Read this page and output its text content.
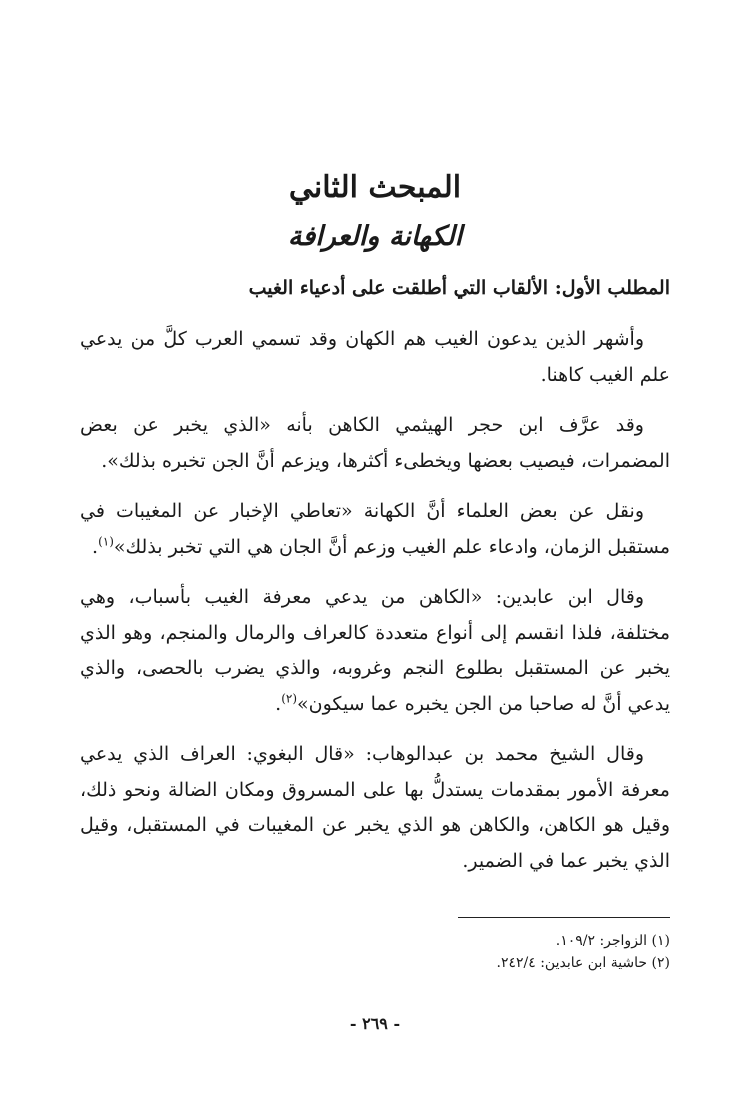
المبحث الثاني
الكهانة والعرافة
المطلب الأول: الألقاب التي أطلقت على أدعياء الغيب

وأشهر الذين يدعون الغيب هم الكهان وقد تسمي العرب كلَّ من يدعي علم الغيب كاهنا.

وقد عرَّف ابن حجر الهيثمي الكاهن بأنه «الذي يخبر عن بعض المضمرات، فيصيب بعضها ويخطىء أكثرها، ويزعم أنَّ الجن تخبره بذلك».

ونقل عن بعض العلماء أنَّ الكهانة «تعاطي الإخبار عن المغيبات في مستقبل الزمان، وادعاء علم الغيب وزعم أنَّ الجان هي التي تخبر بذلك»$^{(١)}$.

وقال ابن عابدين: «الكاهن من يدعي معرفة الغيب بأسباب، وهي مختلفة، فلذا انقسم إلى أنواع متعددة كالعراف والرمال والمنجم، وهو الذي يخبر عن المستقبل بطلوع النجم وغروبه، والذي يضرب بالحصى، والذي يدعي أنَّ له صاحبا من الجن يخبره عما سيكون»$^{(٢)}$.

وقال الشيخ محمد بن عبدالوهاب: «قال البغوي: العراف الذي يدعي معرفة الأمور بمقدمات يستدلُّ بها على المسروق ومكان الضالة ونحو ذلك، وقيل هو الكاهن، والكاهن هو الذي يخبر عن المغيبات في المستقبل، وقيل الذي يخبر عما في الضمير.

(١) الزواجر: ١٠٩/٢.

(٢) حاشية ابن عابدين: ٢٤٢/٤.

- ٢٦٩ -
